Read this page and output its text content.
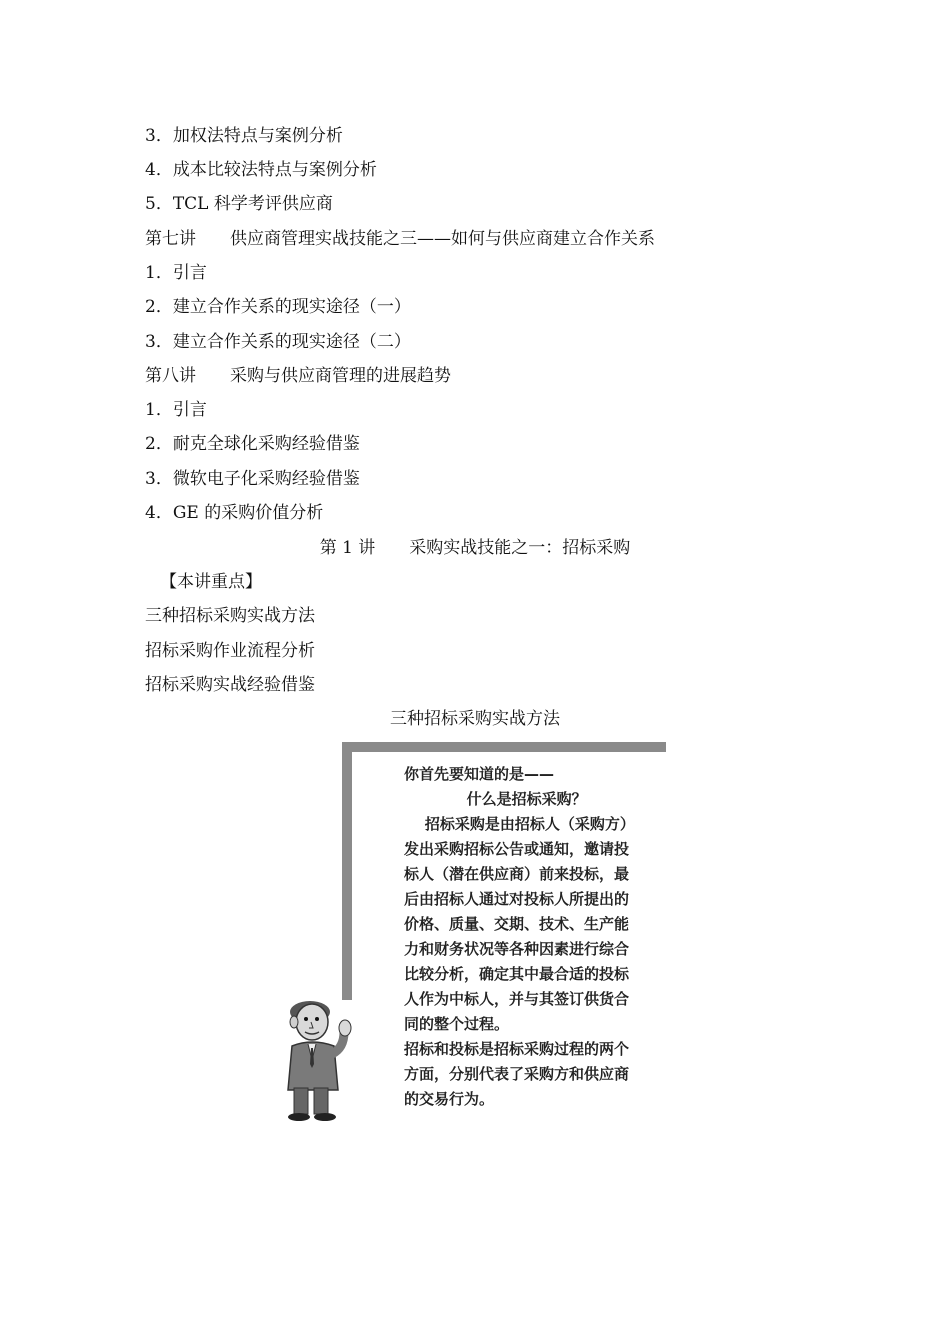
3．加权法特点与案例分析
4．成本比较法特点与案例分析
5．TCL 科学考评供应商
第七讲　　供应商管理实战技能之三——如何与供应商建立合作关系
1．引言
2．建立合作关系的现实途径（一）
3．建立合作关系的现实途径（二）
第八讲　　采购与供应商管理的进展趋势
1．引言
2．耐克全球化采购经验借鉴
3．微软电子化采购经验借鉴
4．GE 的采购价值分析
第 1 讲　　采购实战技能之一：招标采购
【本讲重点】
三种招标采购实战方法
招标采购作业流程分析
招标采购实战经验借鉴
三种招标采购实战方法
你首先要知道的是——
什么是招标采购？
招标采购是由招标人（采购方）
发出采购招标公告或通知，邀请投
标人（潜在供应商）前来投标，最
后由招标人通过对投标人所提出的
价格、质量、交期、技术、生产能
力和财务状况等各种因素进行综合
比较分析，确定其中最合适的投标
人作为中标人，并与其签订供货合
同的整个过程。
招标和投标是招标采购过程的两个
方面，分别代表了采购方和供应商
的交易行为。
